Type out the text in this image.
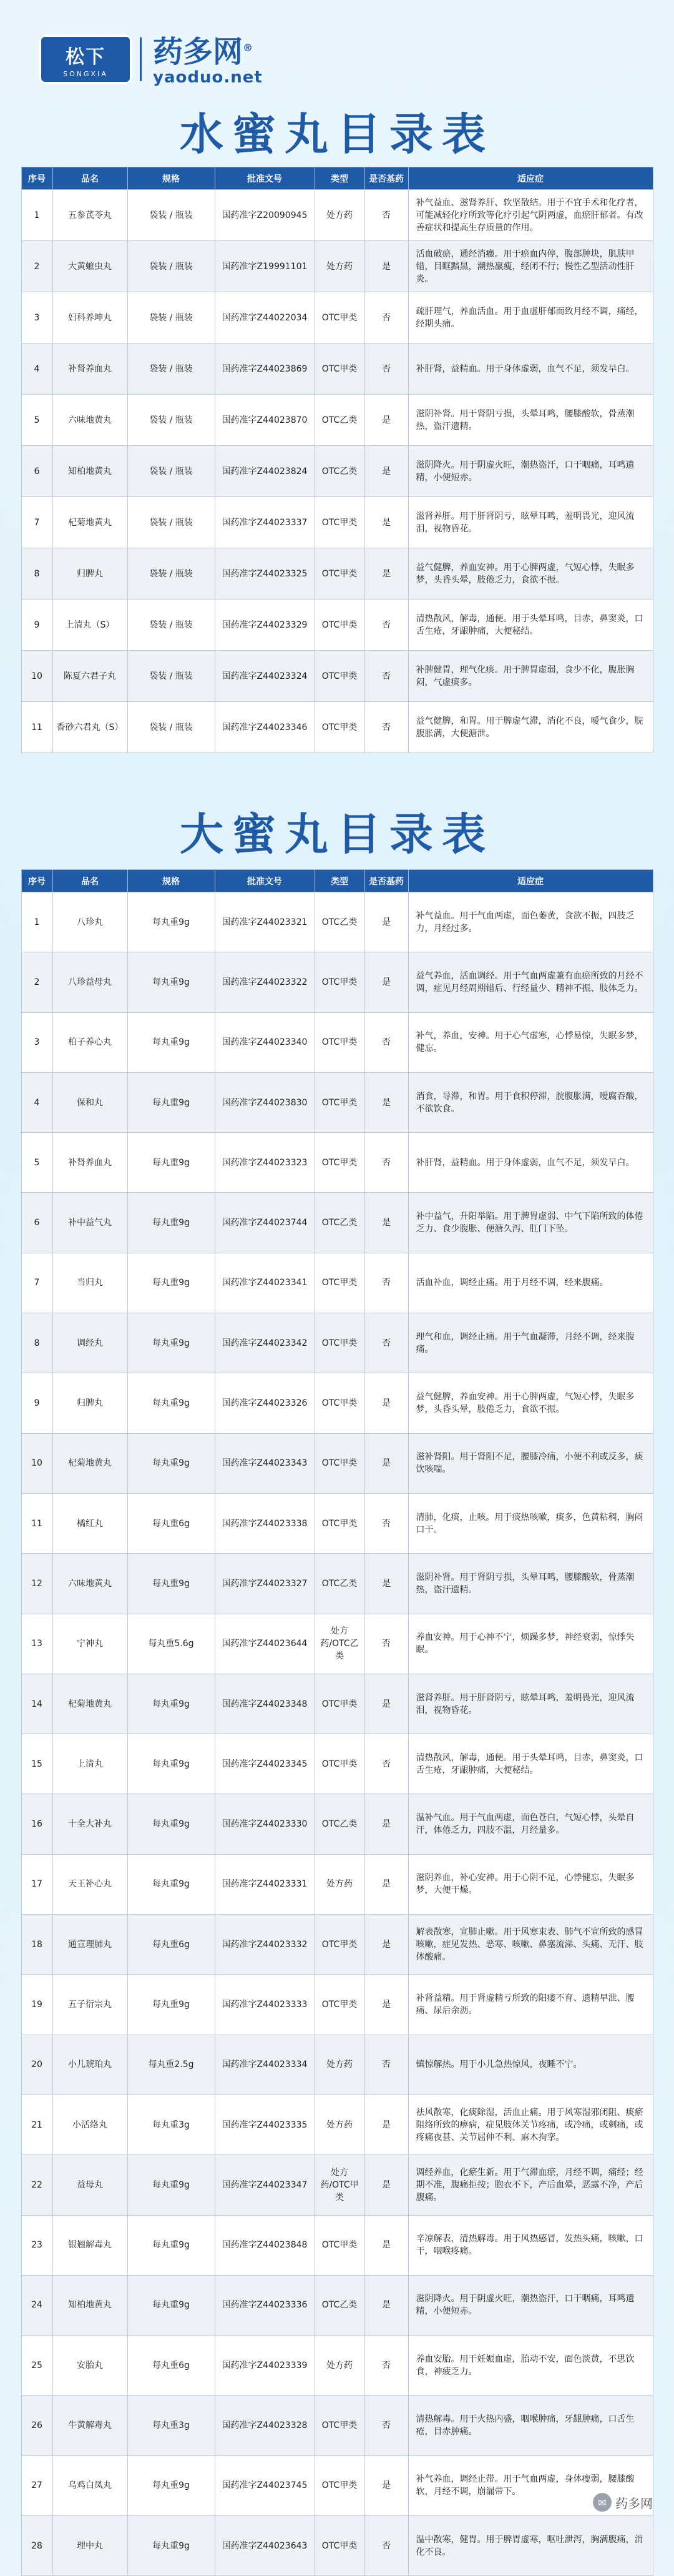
松下
SONGXIA
药多网®
yaoduo.net
水蜜丸目录表
序号	品名	规格	批准文号	类型	是否基药	适应症
1	五参芪苓丸	袋装 / 瓶装	国药准字Z20090945	处方药	否	补气益血、滋肾养肝、软坚散结。用于不宜手术和化疗者，可能减轻化疗所致等化疗引起气阴两虚，血瘀肝郁者。有改善症状和提高生存质量的作用。
2	大黄蟅虫丸	袋装 / 瓶装	国药准字Z19991101	处方药	是	活血破瘀，通经消癥。用于瘀血内停，腹部肿块，肌肤甲错，目眶黯黑，潮热羸瘦，经闭不行；慢性乙型活动性肝炎。
3	妇科养坤丸	袋装 / 瓶装	国药准字Z44022034	OTC甲类	否	疏肝理气，养血活血。用于血虚肝郁而致月经不调，痛经，经期头痛。
4	补肾养血丸	袋装 / 瓶装	国药准字Z44023869	OTC甲类	否	补肝肾，益精血。用于身体虚弱，血气不足，须发早白。
5	六味地黄丸	袋装 / 瓶装	国药准字Z44023870	OTC乙类	是	滋阴补肾。用于肾阴亏损，头晕耳鸣，腰膝酸软，骨蒸潮热，盗汗遗精。
6	知柏地黄丸	袋装 / 瓶装	国药准字Z44023824	OTC乙类	是	滋阴降火。用于阴虚火旺，潮热盗汗，口干咽痛，耳鸣遗精，小便短赤。
7	杞菊地黄丸	袋装 / 瓶装	国药准字Z44023337	OTC甲类	是	滋肾养肝。用于肝肾阴亏，眩晕耳鸣，羞明畏光，迎风流泪，视物昏花。
8	归脾丸	袋装 / 瓶装	国药准字Z44023325	OTC甲类	是	益气健脾，养血安神。用于心脾两虚，气短心悸，失眠多梦，头昏头晕，肢倦乏力，食欲不振。
9	上清丸（S）	袋装 / 瓶装	国药准字Z44023329	OTC甲类	否	清热散风，解毒，通便。用于头晕耳鸣，目赤，鼻窦炎，口舌生疮，牙龈肿痛，大便秘结。
10	陈夏六君子丸	袋装 / 瓶装	国药准字Z44023324	OTC甲类	否	补脾健胃，理气化痰。用于脾胃虚弱，食少不化，腹胀胸闷，气虚痰多。
11	香砂六君丸（S）	袋装 / 瓶装	国药准字Z44023346	OTC甲类	否	益气健脾，和胃。用于脾虚气滞，消化不良，嗳气食少，脘腹胀满，大便溏泄。
大蜜丸目录表
序号	品名	规格	批准文号	类型	是否基药	适应症
1	八珍丸	每丸重9g	国药准字Z44023321	OTC乙类	是	补气益血。用于气血两虚，面色萎黄，食欲不振，四肢乏力，月经过多。
2	八珍益母丸	每丸重9g	国药准字Z44023322	OTC甲类	是	益气养血，活血调经。用于气血两虚兼有血瘀所致的月经不调，症见月经周期错后、行经量少、精神不振、肢体乏力。
3	柏子养心丸	每丸重9g	国药准字Z44023340	OTC甲类	否	补气，养血，安神。用于心气虚寒，心悸易惊，失眠多梦，健忘。
4	保和丸	每丸重9g	国药准字Z44023830	OTC甲类	是	消食，导滞，和胃。用于食积停滞，脘腹胀满，嗳腐吞酸，不欲饮食。
5	补肾养血丸	每丸重9g	国药准字Z44023323	OTC甲类	否	补肝肾，益精血。用于身体虚弱，血气不足，须发早白。
6	补中益气丸	每丸重9g	国药准字Z44023744	OTC乙类	是	补中益气，升阳举陷。用于脾胃虚弱、中气下陷所致的体倦乏力、食少腹胀、便溏久泻、肛门下坠。
7	当归丸	每丸重9g	国药准字Z44023341	OTC甲类	否	活血补血，调经止痛。用于月经不调，经来腹痛。
8	调经丸	每丸重9g	国药准字Z44023342	OTC甲类	否	理气和血，调经止痛。用于气血凝滞，月经不调，经来腹痛。
9	归脾丸	每丸重9g	国药准字Z44023326	OTC甲类	是	益气健脾，养血安神。用于心脾两虚，气短心悸，失眠多梦，头昏头晕，肢倦乏力，食欲不振。
10	杞菊地黄丸	每丸重9g	国药准字Z44023343	OTC甲类	是	滋补肾阳。用于肾阳不足，腰膝冷痛，小便不利或反多，痰饮咳喘。
11	橘红丸	每丸重6g	国药准字Z44023338	OTC甲类	否	清肺，化痰，止咳。用于痰热咳嗽，痰多，色黄粘稠，胸闷口干。
12	六味地黄丸	每丸重9g	国药准字Z44023327	OTC乙类	是	滋阴补肾。用于肾阴亏损，头晕耳鸣，腰膝酸软，骨蒸潮热，盗汗遗精。
13	宁神丸	每丸重5.6g	国药准字Z44023644	处方药/OTC乙类	否	养血安神。用于心神不宁，烦躁多梦，神经衰弱，惊悸失眠。
14	杞菊地黄丸	每丸重9g	国药准字Z44023348	OTC甲类	是	滋肾养肝。用于肝肾阴亏，眩晕耳鸣，羞明畏光，迎风流泪，视物昏花。
15	上清丸	每丸重9g	国药准字Z44023345	OTC甲类	否	清热散风，解毒，通便。用于头晕耳鸣，目赤，鼻窦炎，口舌生疮，牙龈肿痛，大便秘结。
16	十全大补丸	每丸重9g	国药准字Z44023330	OTC乙类	是	温补气血。用于气血两虚，面色苍白，气短心悸，头晕自汗，体倦乏力，四肢不温，月经量多。
17	天王补心丸	每丸重9g	国药准字Z44023331	处方药	是	滋阴养血，补心安神。用于心阴不足，心悸健忘，失眠多梦，大便干燥。
18	通宣理肺丸	每丸重6g	国药准字Z44023332	OTC甲类	是	解表散寒，宣肺止嗽。用于风寒束表、肺气不宣所致的感冒咳嗽，症见发热、恶寒、咳嗽、鼻塞流涕、头痛、无汗、肢体酸痛。
19	五子衍宗丸	每丸重9g	国药准字Z44023333	OTC甲类	是	补肾益精。用于肾虚精亏所致的阳痿不育、遗精早泄、腰痛、尿后余沥。
20	小儿琥珀丸	每丸重2.5g	国药准字Z44023334	处方药	否	镇惊解热。用于小儿急热惊风，夜睡不宁。
21	小活络丸	每丸重3g	国药准字Z44023335	处方药	是	祛风散寒，化痰除湿，活血止痛。用于风寒湿邪闭阻、痰瘀阻络所致的痹病，症见肢体关节疼痛，或冷痛，或刺痛，或疼痛夜甚、关节屈伸不利、麻木拘挛。
22	益母丸	每丸重9g	国药准字Z44023347	处方药/OTC甲类	是	调经养血，化瘀生新。用于气滞血瘀，月经不调，痛经；经期不准，腹痛拒按；胞衣不下，产后血晕，恶露不净，产后腹痛。
23	银翘解毒丸	每丸重9g	国药准字Z44023848	OTC甲类	是	辛凉解表，清热解毒。用于风热感冒，发热头痛，咳嗽，口干，咽喉疼痛。
24	知柏地黄丸	每丸重9g	国药准字Z44023336	OTC乙类	是	滋阴降火。用于阴虚火旺，潮热盗汗，口干咽痛，耳鸣遗精，小便短赤。
25	安胎丸	每丸重6g	国药准字Z44023339	处方药	否	养血安胎。用于妊娠血虚，胎动不安，面色淡黄，不思饮食，神疲乏力。
26	牛黄解毒丸	每丸重3g	国药准字Z44023328	OTC甲类	否	清热解毒。用于火热内盛，咽喉肿痛，牙龈肿痛，口舌生疮，目赤肿痛。
27	乌鸡白凤丸	每丸重9g	国药准字Z44023745	OTC甲类	是	补气养血，调经止带。用于气血两虚，身体瘦弱，腰膝酸软，月经不调，崩漏带下。
28	理中丸	每丸重9g	国药准字Z44023643	OTC甲类	否	温中散寒，健胃。用于脾胃虚寒，呕吐泄泻，胸满腹痛，消化不良。
✉ 药多网
